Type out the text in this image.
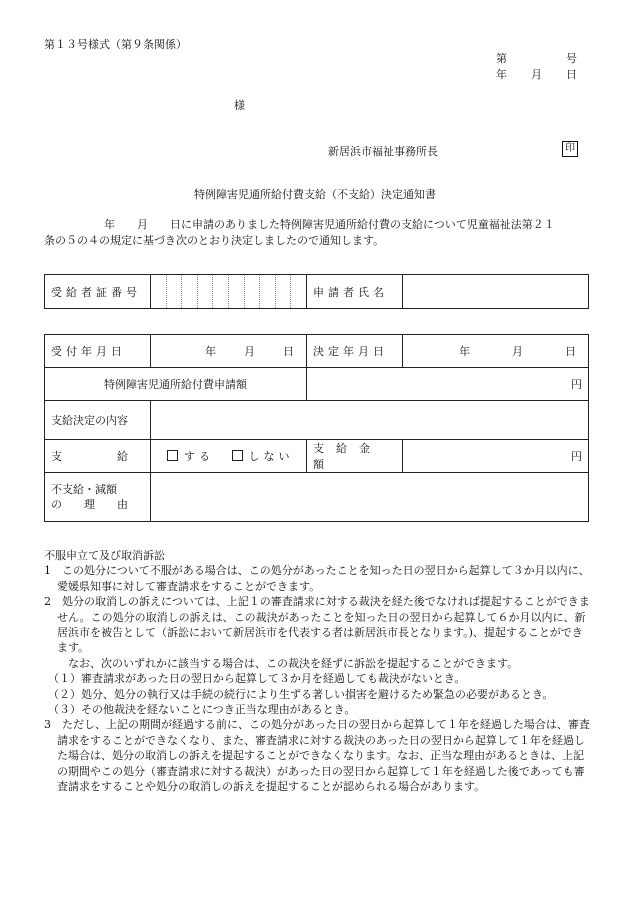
第１３号様式（第９条関係）
第	号
年 月 日
様
新居浜市福祉事務所長	印
特例障害児通所給付費支給（不支給）決定通知書
年　　月　　日に申請のありました特例障害児通所給付費の支給について児童福祉法第２１
条の５の４の規定に基づき次のとおり決定しましたので通知します。
受給者証番号		申請者氏名	
受付年月日	年 月 日	決定年月日	年 月 日

特例障害児通所給付費申請額		円	
支給決定の内容			
支　　　　　給	する しない	支給金額	円

不支給・減額
の　　理　　由			

不服申立て及び取消訴訟

1　この処分について不服がある場合は、この処分があったことを知った日の翌日から起算して３か月以内に、愛媛県知事に対して審査請求をすることができます。

2　処分の取消しの訴えについては、上記１の審査請求に対する裁決を経た後でなければ提起することができません。この処分の取消しの訴えは、この裁決があったことを知った日の翌日から起算して６か月以内に、新居浜市を被告として（訴訟において新居浜市を代表する者は新居浜市長となります。)、提起することができます。

なお、次のいずれかに該当する場合は、この裁決を経ずに訴訟を提起することができます。

（１）審査請求があった日の翌日から起算して３か月を経過しても裁決がないとき。

（２）処分、処分の執行又は手続の続行により生ずる著しい損害を避けるため緊急の必要があるとき。

（３）その他裁決を経ないことにつき正当な理由があるとき。

3　ただし、上記の期間が経過する前に、この処分があった日の翌日から起算して１年を経過した場合は、審査請求をすることができなくなり、また、審査請求に対する裁決のあった日の翌日から起算して１年を経過した場合は、処分の取消しの訴えを提起することができなくなります。なお、正当な理由があるときは、上記の期間やこの処分（審査請求に対する裁決）があった日の翌日から起算して１年を経過した後であっても審査請求をすることや処分の取消しの訴えを提起することが認められる場合があります。
